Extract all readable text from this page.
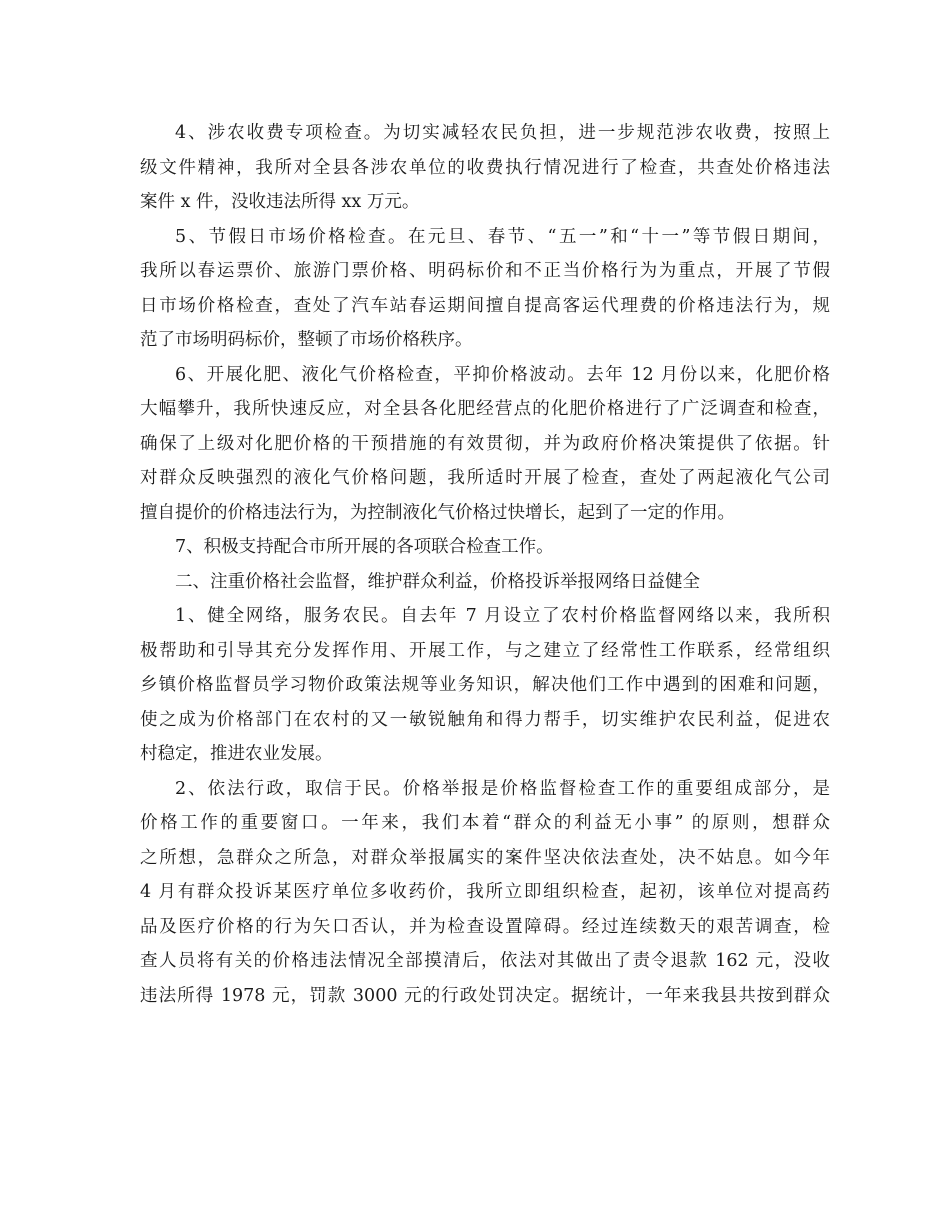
4、涉农收费专项检查。为切实减轻农民负担，进一步规范涉农收费，按照上
级文件精神，我所对全县各涉农单位的收费执行情况进行了检查，共查处价格违法
案件 x 件，没收违法所得 xx 万元。
5、节假日市场价格检查。在元旦、春节、“五一”和“十一”等节假日期间，
我所以春运票价、旅游门票价格、明码标价和不正当价格行为为重点，开展了节假
日市场价格检查，查处了汽车站春运期间擅自提高客运代理费的价格违法行为，规
范了市场明码标价，整顿了市场价格秩序。
6、开展化肥、液化气价格检查，平抑价格波动。去年 12 月份以来，化肥价格
大幅攀升，我所快速反应，对全县各化肥经营点的化肥价格进行了广泛调查和检查，
确保了上级对化肥价格的干预措施的有效贯彻，并为政府价格决策提供了依据。针
对群众反映强烈的液化气价格问题，我所适时开展了检查，查处了两起液化气公司
擅自提价的价格违法行为，为控制液化气价格过快增长，起到了一定的作用。
7、积极支持配合市所开展的各项联合检查工作。
二、注重价格社会监督，维护群众利益，价格投诉举报网络日益健全
1、健全网络，服务农民。自去年 7 月设立了农村价格监督网络以来，我所积
极帮助和引导其充分发挥作用、开展工作，与之建立了经常性工作联系，经常组织
乡镇价格监督员学习物价政策法规等业务知识，解决他们工作中遇到的困难和问题，
使之成为价格部门在农村的又一敏锐触角和得力帮手，切实维护农民利益，促进农
村稳定，推进农业发展。
2、依法行政，取信于民。价格举报是价格监督检查工作的重要组成部分，是
价格工作的重要窗口。一年来，我们本着“群众的利益无小事” 的原则，想群众
之所想，急群众之所急，对群众举报属实的案件坚决依法查处，决不姑息。如今年
4 月有群众投诉某医疗单位多收药价，我所立即组织检查，起初，该单位对提高药
品及医疗价格的行为矢口否认，并为检查设置障碍。经过连续数天的艰苦调查，检
查人员将有关的价格违法情况全部摸清后，依法对其做出了责令退款 162 元，没收
违法所得 1978 元，罚款 3000 元的行政处罚决定。据统计，一年来我县共按到群众
